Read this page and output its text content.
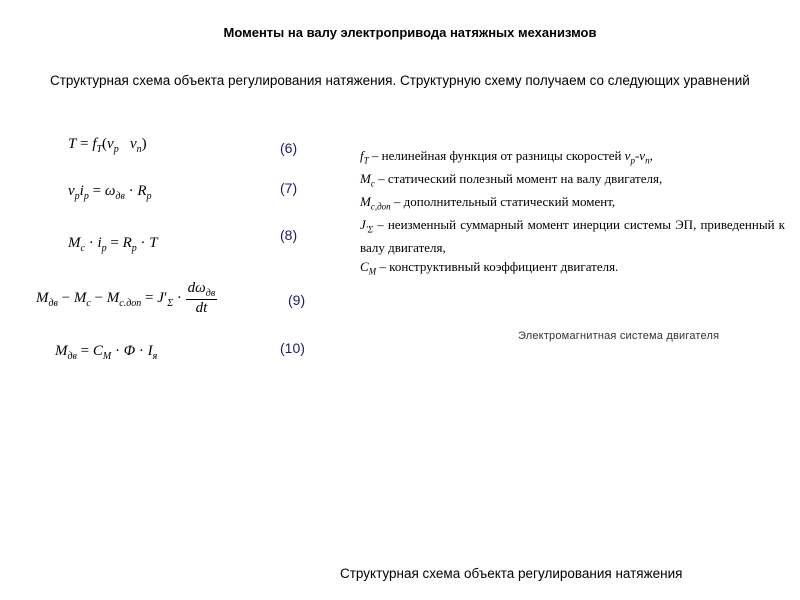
Моменты на валу электропривода натяжных механизмов
Структурная схема объекта регулирования натяжения. Структурную схему получаем со следующих уравнений
$T = f_T(v_р$ $v_п$)	(6)
$v_рi_р = \omega_{дв} \cdot R_р$
(7)
$M_с \cdot i_р = R_р \cdot T$	(8)
$M_{дв} - M_с - M_{с.доп} = J'_\Sigma \cdot \frac{d\omega_{дв}}{dt}$	(9)
$M_{дв} = C_M \cdot \Phi \cdot I_я$
(10)
$f_T$ – нелинейная функция от разницы скоростей $v_р-v_п$,
$M_с$ – статический полезный момент на валу двигателя,
$M_{с,доп}$ – дополнительный статический момент,
$J_{'\Sigma}$ – неизменный суммарный момент инерции системы ЭП, приведенный к валу двигателя,
$C_M$ – конструктивный коэффициент двигателя.
Электромагнитная система двигателя
Структурная схема объекта регулирования натяжения
